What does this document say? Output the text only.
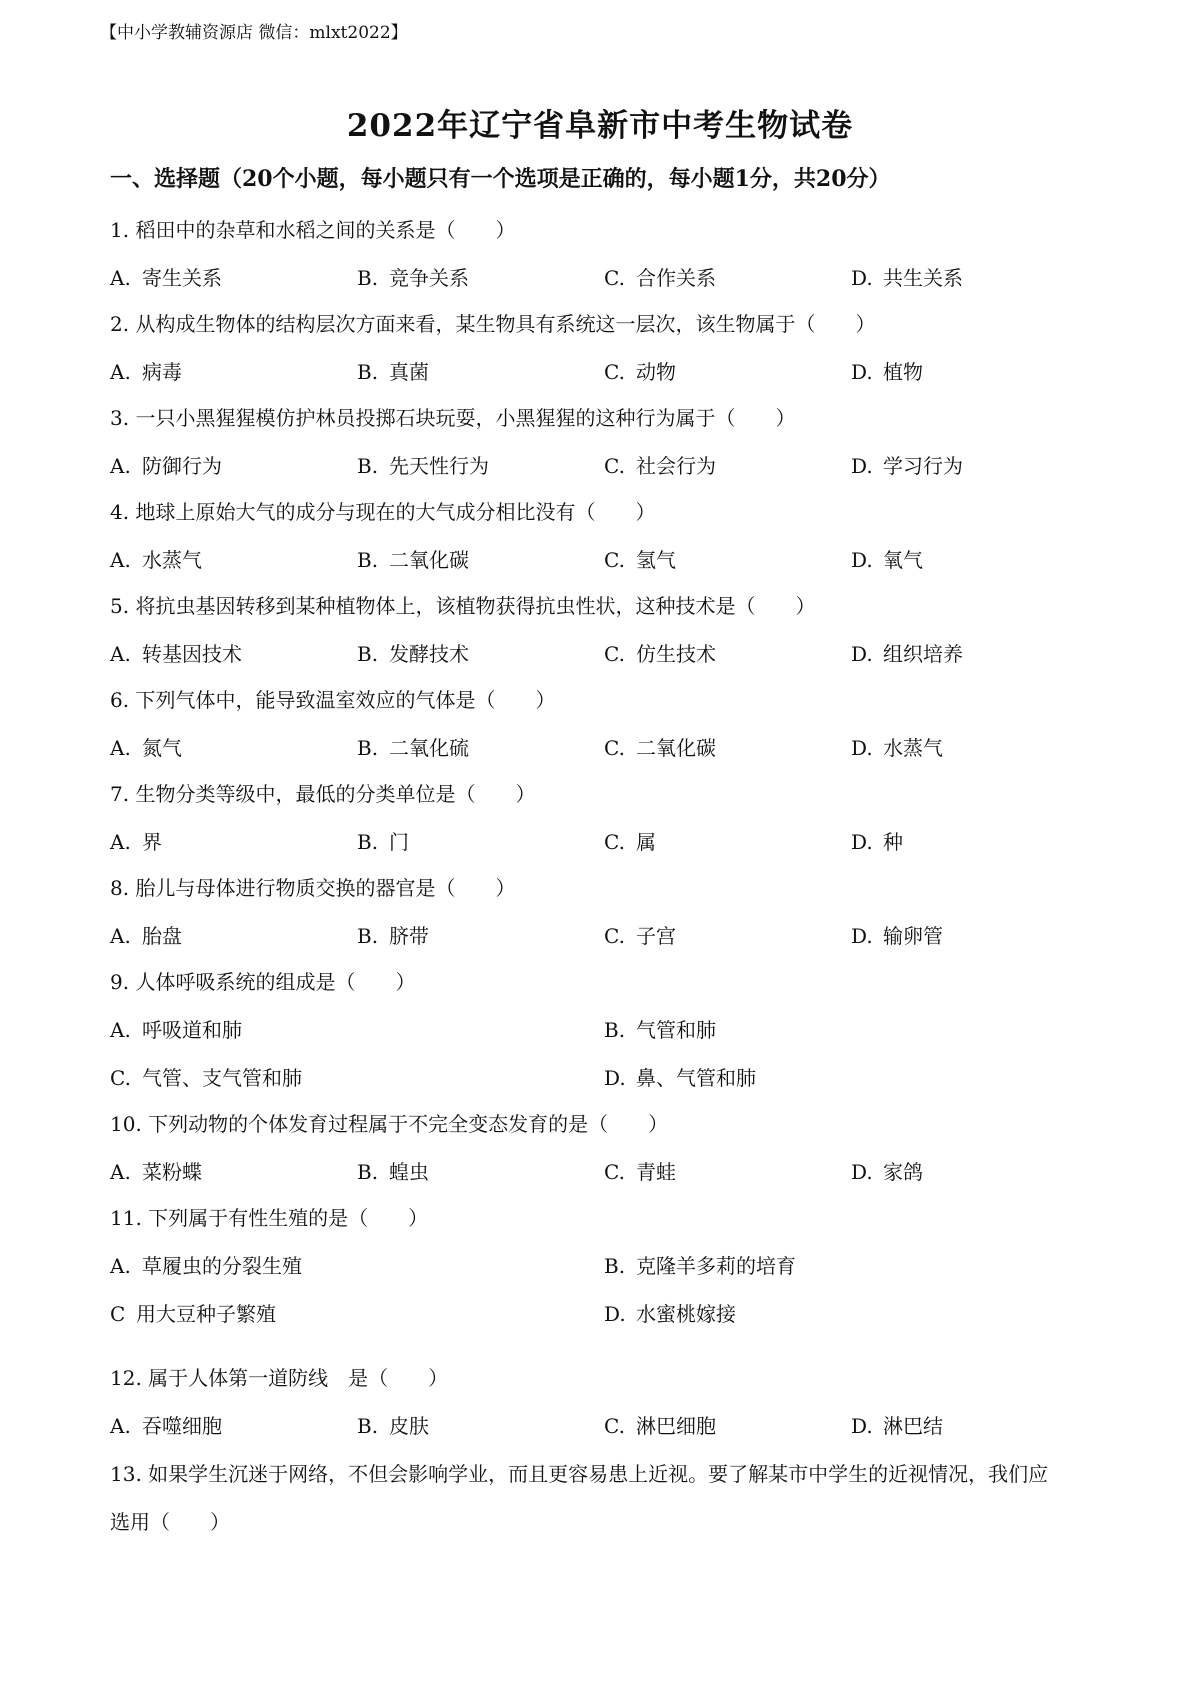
【中小学教辅资源店 微信：mlxt2022】
2022年辽宁省阜新市中考生物试卷
一、选择题（20个小题，每小题只有一个选项是正确的，每小题1分，共20分）
1. 稻田中的杂草和水稻之间的关系是（　　）
A. 寄生关系	B. 竞争关系	C. 合作关系	D. 共生关系
2. 从构成生物体的结构层次方面来看，某生物具有系统这一层次，该生物属于（　　）
A. 病毒	B. 真菌	C. 动物	D. 植物
3. 一只小黑猩猩模仿护林员投掷石块玩耍，小黑猩猩的这种行为属于（　　）
A. 防御行为	B. 先天性行为	C. 社会行为	D. 学习行为
4. 地球上原始大气的成分与现在的大气成分相比没有（　　）
A. 水蒸气	B. 二氧化碳	C. 氢气	D. 氧气
5. 将抗虫基因转移到某种植物体上，该植物获得抗虫性状，这种技术是（　　）
A. 转基因技术	B. 发酵技术	C. 仿生技术	D. 组织培养
6. 下列气体中，能导致温室效应的气体是（　　）
A. 氮气	B. 二氧化硫	C. 二氧化碳	D. 水蒸气
7. 生物分类等级中，最低的分类单位是（　　）
A. 界	B. 门	C. 属	D. 种
8. 胎儿与母体进行物质交换的器官是（　　）
A. 胎盘	B. 脐带	C. 子宫	D. 输卵管
9. 人体呼吸系统的组成是（　　）
A. 呼吸道和肺	B. 气管和肺
C. 气管、支气管和肺	D. 鼻、气管和肺
10. 下列动物的个体发育过程属于不完全变态发育的是（　　）
A. 菜粉蝶	B. 蝗虫	C. 青蛙	D. 家鸽
11. 下列属于有性生殖的是（　　）
A. 草履虫的分裂生殖	B. 克隆羊多莉的培育
C 用大豆种子繁殖	D. 水蜜桃嫁接
12. 属于人体第一道防线　是（　　）
A. 吞噬细胞	B. 皮肤	C. 淋巴细胞	D. 淋巴结
13. 如果学生沉迷于网络，不但会影响学业，而且更容易患上近视。要了解某市中学生的近视情况，我们应
选用（　　）
